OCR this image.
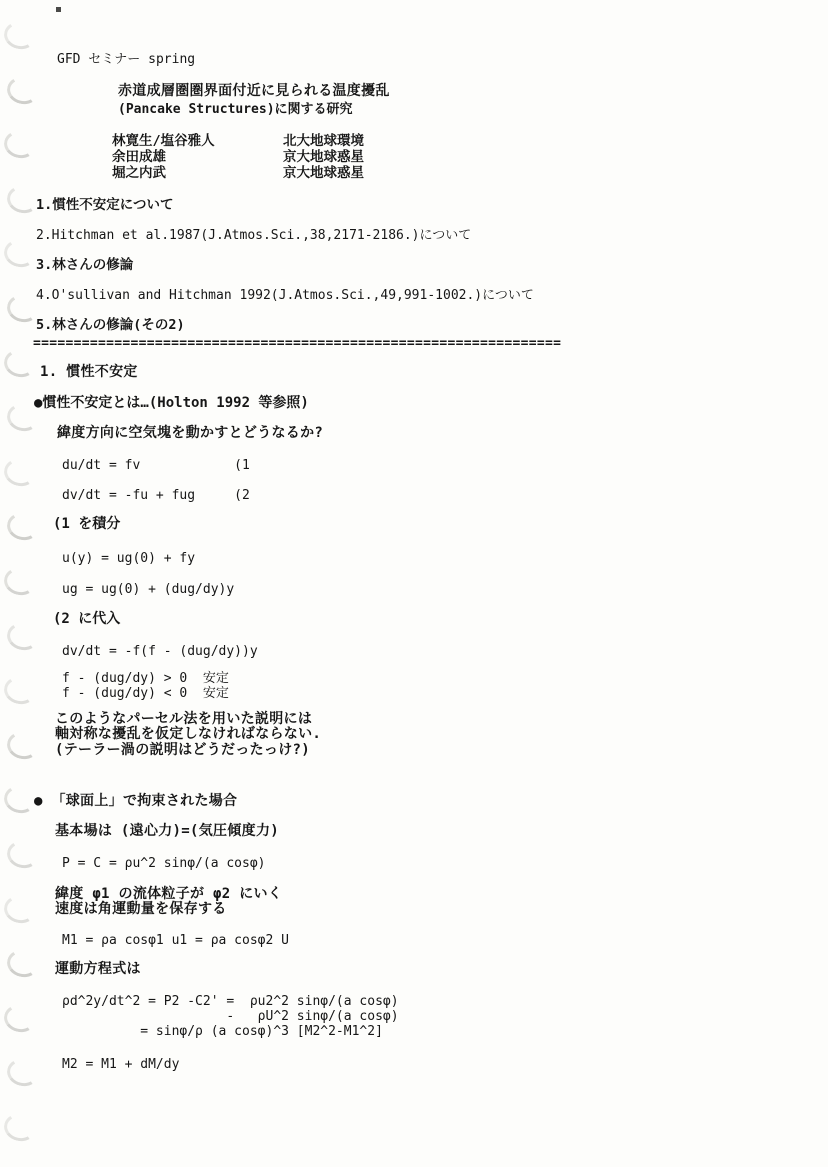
GFD セミナー spring
赤道成層圏圏界面付近に見られる温度擾乱
(Pancake Structures)に関する研究
林寛生/塩谷雅人	北大地球環境
余田成雄	京大地球惑星
堀之内武	京大地球惑星
1.慣性不安定について
2.Hitchman et al.1987(J.Atmos.Sci.,38,2171-2186.)について
3.林さんの修論
4.O'sullivan and Hitchman 1992(J.Atmos.Sci.,49,991-1002.)について
5.林さんの修論(その2)
=================================================================
1. 慣性不安定
●慣性不安定とは…(Holton 1992 等参照)
緯度方向に空気塊を動かすとどうなるか?
du/dt = fv            (1
dv/dt = -fu + fug     (2
(1 を積分
u(y) = ug(0) + fy
ug = ug(0) + (dug/dy)y
(2 に代入
dv/dt = -f(f - (dug/dy))y
f - (dug/dy) > 0  安定
f - (dug/dy) < 0  安定
このようなパーセル法を用いた説明には
軸対称な擾乱を仮定しなければならない.
(テーラー渦の説明はどうだったっけ?)
● 「球面上」で拘束された場合
基本場は (遠心力)=(気圧傾度力)
P = C = ρu^2 sinφ/(a cosφ)
緯度 φ1 の流体粒子が φ2 にいく
速度は角運動量を保存する
M1 = ρa cosφ1 u1 = ρa cosφ2 U
運動方程式は
ρd^2y/dt^2 = P2 -C2' =  ρu2^2 sinφ/(a cosφ)
-   ρU^2 sinφ/(a cosφ)
= sinφ/ρ (a cosφ)^3 [M2^2-M1^2]
M2 = M1 + dM/dy
